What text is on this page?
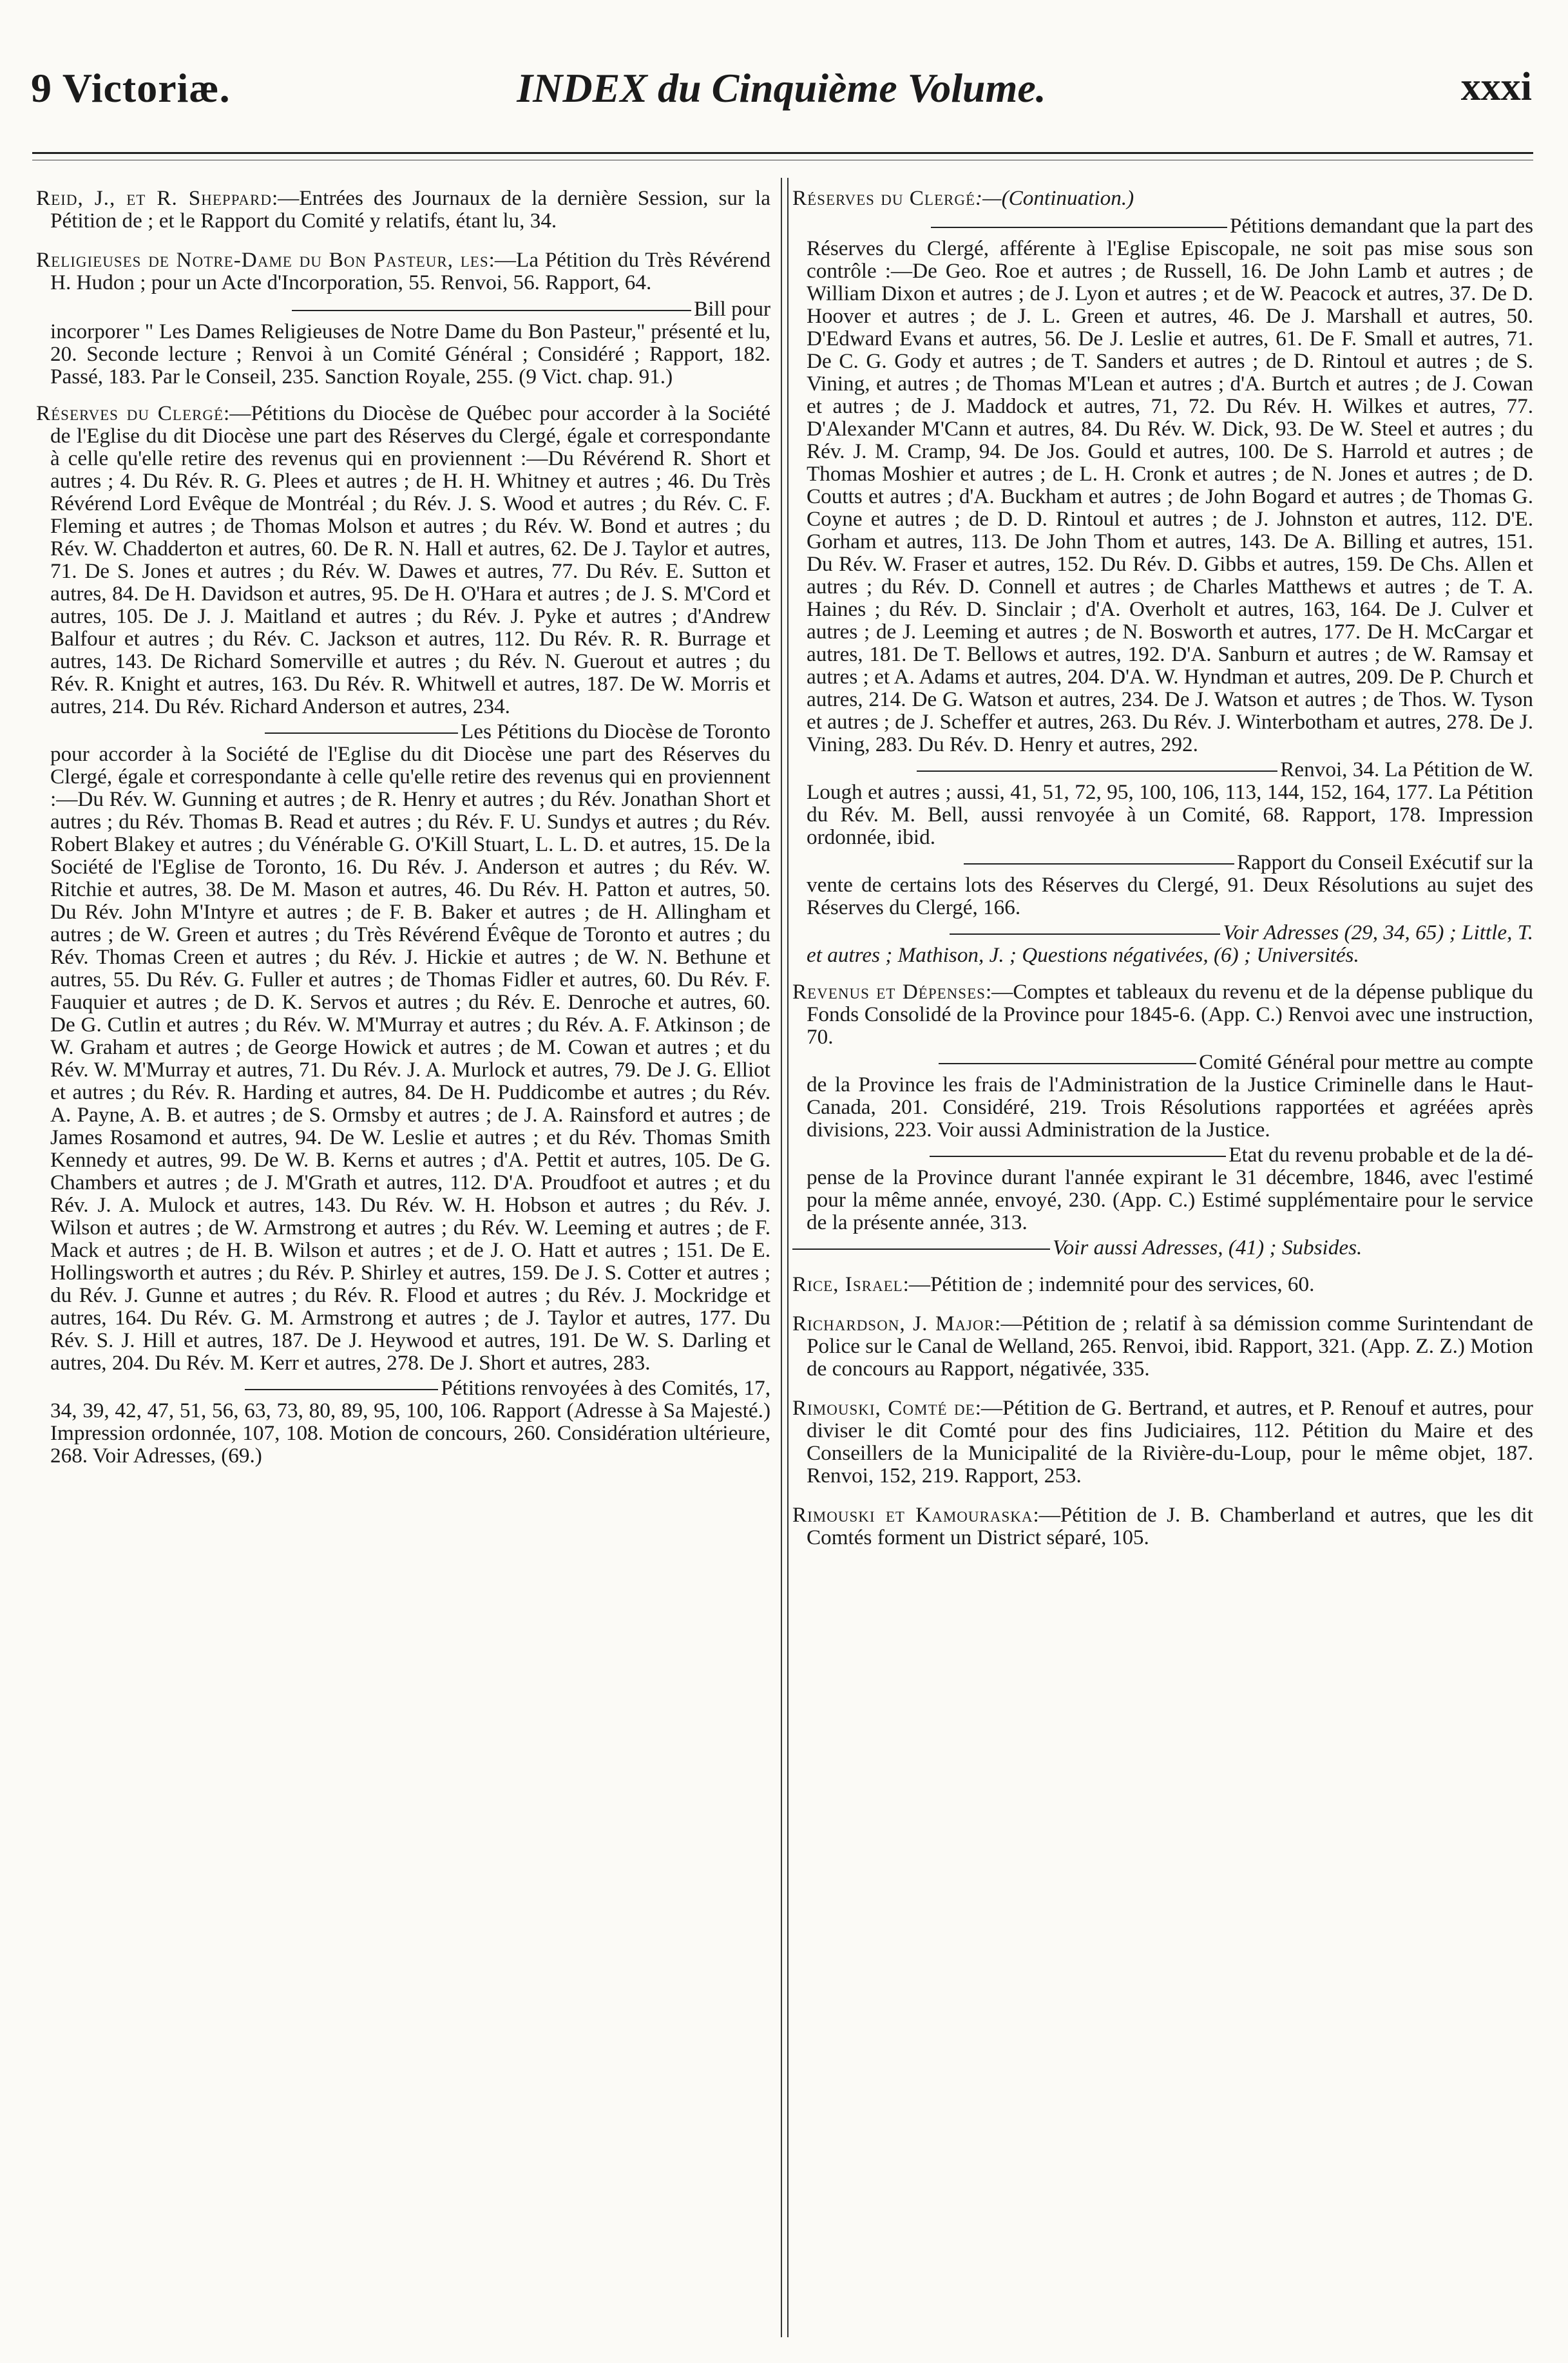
9 Victoriæ.	INDEX du Cinquième Volume.	xxxi
Reid, J., et R. Sheppard:—Entrées des Journaux de la dernière Session, sur la Pétition de ; et le Rapport du Comité y relatifs, étant lu, 34.
Religieuses de Notre-Dame du Bon Pasteur, les:—La Pétition du Très Révérend H. Hudon ; pour un Acte d'Incorporation, 55. Renvoi, 56. Rapport, 64.
Bill pour
incorporer " Les Dames Religieuses de Notre Dame du Bon Pasteur," présenté et lu, 20. Seconde lecture ; Renvoi à un Comité Général ; Considéré ; Rapport, 182. Passé, 183. Par le Conseil, 235. Sanction Royale, 255. (9 Vict. chap. 91.)
Réserves du Clergé:—Pétitions du Diocèse de Québec pour accorder à la Société de l'Eglise du dit Diocèse une part des Réserves du Clergé, égale et correspondante à celle qu'elle retire des revenus qui en proviennent :—Du Révérend R. Short et autres ; 4. Du Rév. R. G. Plees et autres ; de H. H. Whitney et autres ; 46. Du Très Révérend Lord Evêque de Montréal ; du Rév. J. S. Wood et autres ; du Rév. C. F. Fleming et autres ; de Thomas Molson et autres ; du Rév. W. Bond et autres ; du Rév. W. Chadderton et autres, 60. De R. N. Hall et autres, 62. De J. Taylor et autres, 71. De S. Jones et autres ; du Rév. W. Dawes et autres, 77. Du Rév. E. Sutton et autres, 84. De H. Davidson et autres, 95. De H. O'Hara et autres ; de J. S. M'Cord et autres, 105. De J. J. Maitland et autres ; du Rév. J. Pyke et autres ; d'Andrew Balfour et autres ; du Rév. C. Jackson et autres, 112. Du Rév. R. R. Burrage et autres, 143. De Richard Somerville et autres ; du Rév. N. Guerout et autres ; du Rév. R. Knight et autres, 163. Du Rév. R. Whitwell et autres, 187. De W. Morris et autres, 214. Du Rév. Richard Anderson et autres, 234.
Les Pétitions du Diocèse de Toronto
pour accorder à la Société de l'Eglise du dit Diocèse une part des Réserves du Clergé, égale et correspondante à celle qu'elle retire des revenus qui en proviennent :—Du Rév. W. Gunning et autres ; de R. Henry et autres ; du Rév. Jonathan Short et autres ; du Rév. Thomas B. Read et autres ; du Rév. F. U. Sundys et autres ; du Rév. Robert Blakey et autres ; du Vénérable G. O'Kill Stuart, L. L. D. et autres, 15. De la Société de l'Eglise de Toronto, 16. Du Rév. J. Anderson et autres ; du Rév. W. Ritchie et autres, 38. De M. Mason et autres, 46. Du Rév. H. Patton et autres, 50. Du Rév. John M'Intyre et autres ; de F. B. Baker et autres ; de H. Allingham et autres ; de W. Green et autres ; du Très Révérend Évêque de Toronto et autres ; du Rév. Thomas Creen et autres ; du Rév. J. Hickie et autres ; de W. N. Bethune et autres, 55. Du Rév. G. Fuller et autres ; de Thomas Fidler et autres, 60. Du Rév. F. Fauquier et autres ; de D. K. Servos et autres ; du Rév. E. Denroche et autres, 60. De G. Cutlin et autres ; du Rév. W. M'Murray et autres ; du Rév. A. F. Atkinson ; de W. Graham et autres ; de George Howick et autres ; de M. Cowan et autres ; et du Rév. W. M'Murray et autres, 71. Du Rév. J. A. Murlock et autres, 79. De J. G. Elliot et autres ; du Rév. R. Harding et autres, 84. De H. Puddicombe et autres ; du Rév. A. Payne, A. B. et autres ; de S. Ormsby et autres ; de J. A. Rainsford et autres ; de James Rosamond et autres, 94. De W. Leslie et autres ; et du Rév. Thomas Smith Kennedy et autres, 99. De W. B. Kerns et autres ; d'A. Pettit et autres, 105. De G. Chambers et autres ; de J. M'Grath et autres, 112. D'A. Proudfoot et autres ; et du Rév. J. A. Mulock et autres, 143. Du Rév. W. H. Hobson et autres ; du Rév. J. Wilson et autres ; de W. Armstrong et autres ; du Rév. W. Leeming et autres ; de F. Mack et autres ; de H. B. Wilson et autres ; et de J. O. Hatt et autres ; 151. De E. Hollingsworth et autres ; du Rév. P. Shirley et autres, 159. De J. S. Cotter et autres ; du Rév. J. Gunne et autres ; du Rév. R. Flood et autres ; du Rév. J. Mockridge et autres, 164. Du Rév. G. M. Armstrong et autres ; de J. Taylor et autres, 177. Du Rév. S. J. Hill et autres, 187. De J. Heywood et autres, 191. De W. S. Darling et autres, 204. Du Rév. M. Kerr et autres, 278. De J. Short et autres, 283.
Pétitions renvoyées à des Comités, 17,
34, 39, 42, 47, 51, 56, 63, 73, 80, 89, 95, 100, 106. Rapport (Adresse à Sa Majesté.) Impression ordonnée, 107, 108. Motion de concours, 260. Considération ultérieure, 268. Voir Adresses, (69.)
Réserves du Clergé:—(Continuation.)
Pétitions demandant que la part des
Réserves du Clergé, afférente à l'Eglise Episcopale, ne soit pas mise sous son contrôle :—De Geo. Roe et autres ; de Russell, 16. De John Lamb et autres ; de William Dixon et autres ; de J. Lyon et autres ; et de W. Peacock et autres, 37. De D. Hoover et autres ; de J. L. Green et autres, 46. De J. Marshall et autres, 50. D'Edward Evans et autres, 56. De J. Leslie et autres, 61. De F. Small et autres, 71. De C. G. Gody et autres ; de T. Sanders et autres ; de D. Rintoul et autres ; de S. Vining, et autres ; de Thomas M'Lean et autres ; d'A. Burtch et autres ; de J. Cowan et autres ; de J. Maddock et autres, 71, 72. Du Rév. H. Wilkes et autres, 77. D'Alexander M'Cann et autres, 84. Du Rév. W. Dick, 93. De W. Steel et autres ; du Rév. J. M. Cramp, 94. De Jos. Gould et autres, 100. De S. Harrold et autres ; de Thomas Moshier et autres ; de L. H. Cronk et autres ; de N. Jones et autres ; de D. Coutts et autres ; d'A. Buckham et autres ; de John Bogard et autres ; de Thomas G. Coyne et autres ; de D. D. Rintoul et autres ; de J. Johnston et autres, 112. D'E. Gorham et autres, 113. De John Thom et autres, 143. De A. Billing et autres, 151. Du Rév. W. Fraser et autres, 152. Du Rév. D. Gibbs et autres, 159. De Chs. Allen et autres ; du Rév. D. Connell et autres ; de Charles Matthews et autres ; de T. A. Haines ; du Rév. D. Sinclair ; d'A. Overholt et autres, 163, 164. De J. Culver et autres ; de J. Leeming et autres ; de N. Bosworth et autres, 177. De H. McCargar et autres, 181. De T. Bellows et autres, 192. D'A. Sanburn et autres ; de W. Ramsay et autres ; et A. Adams et autres, 204. D'A. W. Hyndman et autres, 209. De P. Church et autres, 214. De G. Watson et autres, 234. De J. Watson et autres ; de Thos. W. Tyson et autres ; de J. Scheffer et autres, 263. Du Rév. J. Winterbotham et autres, 278. De J. Vining, 283. Du Rév. D. Henry et autres, 292.
Renvoi, 34. La Pétition de W.
Lough et autres ; aussi, 41, 51, 72, 95, 100, 106, 113, 144, 152, 164, 177. La Pétition du Rév. M. Bell, aussi renvoyée à un Comité, 68. Rapport, 178. Impression ordonnée, ibid.
Rapport du Conseil Exécutif sur la
vente de certains lots des Réserves du Clergé, 91. Deux Résolutions au sujet des Réserves du Clergé, 166.
Voir Adresses (29, 34, 65) ; Little, T.
et autres ; Mathison, J. ; Questions négativées, (6) ; Universités.
Revenus et Dépenses:—Comptes et tableaux du revenu et de la dépense publique du Fonds Consolidé de la Province pour 1845-6. (App. C.) Renvoi avec une instruction, 70.
Comité Général pour mettre au compte
de la Province les frais de l'Administration de la Justice Criminelle dans le Haut-Canada, 201. Considéré, 219. Trois Résolutions rapportées et agréées après divisions, 223. Voir aussi Administration de la Justice.
Etat du revenu probable et de la dé-
pense de la Province durant l'année expirant le 31 décembre, 1846, avec l'estimé pour la même année, envoyé, 230. (App. C.) Estimé supplémentaire pour le service de la présente année, 313.
Voir aussi Adresses, (41) ; Subsides.
Rice, Israel:—Pétition de ; indemnité pour des services, 60.
Richardson, J. Major:—Pétition de ; relatif à sa démission comme Surintendant de Police sur le Canal de Welland, 265. Renvoi, ibid. Rapport, 321. (App. Z. Z.) Motion de concours au Rapport, négativée, 335.
Rimouski, Comté de:—Pétition de G. Bertrand, et autres, et P. Renouf et autres, pour diviser le dit Comté pour des fins Judiciaires, 112. Pétition du Maire et des Conseillers de la Municipalité de la Rivière-du-Loup, pour le même objet, 187. Renvoi, 152, 219. Rapport, 253.
Rimouski et Kamouraska:—Pétition de J. B. Chamberland et autres, que les dit Comtés forment un District séparé, 105.
